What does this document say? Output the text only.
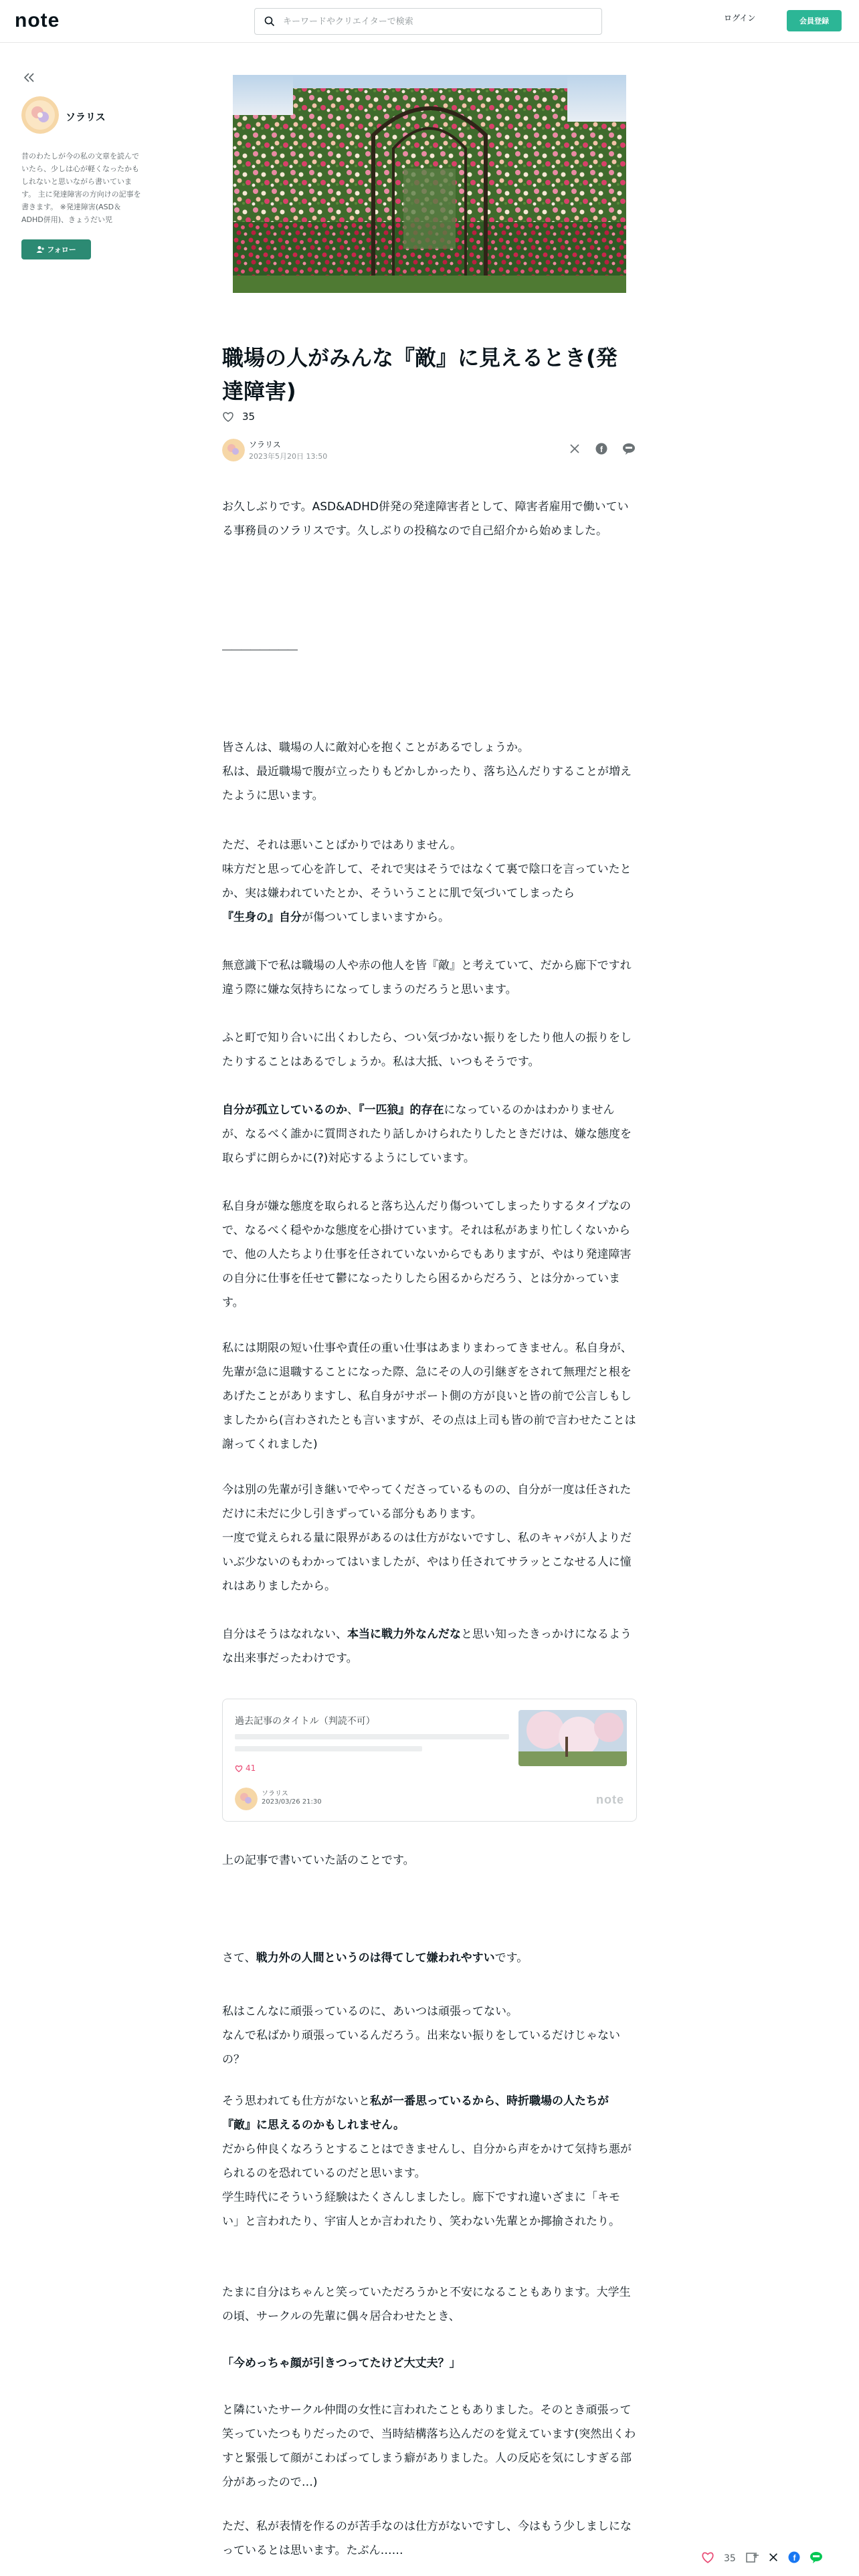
note
キーワードやクリエイターで検索	ログイン	会員登録
ソラリス
昔のわたしが今の私の文章を読んでいたら、少しは心が軽くなったかもしれないと思いながら書いています。 主に発達障害の方向けの記事を書きます。 ※発達障害(ASD＆ADHD併用)、きょうだい児
フォロー
職場の人がみんな『敵』に見えるとき(発達障害)
35
ソラリス
2023年5月20日 13:50
f
お久しぶりです。ASD&ADHD併発の発達障害者として、障害者雇用で働いている事務員のソラリスです。久しぶりの投稿なので自己紹介から始めました。
――――――――
皆さんは、職場の人に敵対心を抱くことがあるでしょうか。
私は、最近職場で腹が立ったりもどかしかったり、落ち込んだりすることが増えたように思います。
ただ、それは悪いことばかりではありません。
味方だと思って心を許して、それで実はそうではなくて裏で陰口を言っていたとか、実は嫌われていたとか、そういうことに肌で気づいてしまったら
『生身の』自分が傷ついてしまいますから。
無意識下で私は職場の人や赤の他人を皆『敵』と考えていて、だから廊下ですれ違う際に嫌な気持ちになってしまうのだろうと思います。
ふと町で知り合いに出くわしたら、つい気づかない振りをしたり他人の振りをしたりすることはあるでしょうか。私は大抵、いつもそうです。
自分が孤立しているのか、『一匹狼』的存在になっているのかはわかりませんが、なるべく誰かに質問されたり話しかけられたりしたときだけは、嫌な態度を取らずに朗らかに(?)対応するようにしています。
私自身が嫌な態度を取られると落ち込んだり傷ついてしまったりするタイプなので、なるべく穏やかな態度を心掛けています。それは私があまり忙しくないからで、他の人たちより仕事を任されていないからでもありますが、やはり発達障害の自分に仕事を任せて鬱になったりしたら困るからだろう、とは分かっています。
私には期限の短い仕事や責任の重い仕事はあまりまわってきません。私自身が、先輩が急に退職することになった際、急にその人の引継ぎをされて無理だと根をあげたことがありますし、私自身がサポート側の方が良いと皆の前で公言しもしましたから(言わされたとも言いますが、その点は上司も皆の前で言わせたことは謝ってくれました)
今は別の先輩が引き継いでやってくださっているものの、自分が一度は任されただけに未だに少し引きずっている部分もあります。
一度で覚えられる量に限界があるのは仕方がないですし、私のキャパが人よりだいぶ少ないのもわかってはいましたが、やはり任されてサラッとこなせる人に憧れはありましたから。
自分はそうはなれない、本当に戦力外なんだなと思い知ったきっかけになるような出来事だったわけです。
過去記事のタイトル（判読不可）
41
ソラリス
2023/03/26 21:30	note
上の記事で書いていた話のことです。
さて、戦力外の人間というのは得てして嫌われやすいです。
私はこんなに頑張っているのに、あいつは頑張ってない。
なんで私ばかり頑張っているんだろう。出来ない振りをしているだけじゃないの？
そう思われても仕方がないと私が一番思っているから、時折職場の人たちが『敵』に思えるのかもしれません。
だから仲良くなろうとすることはできませんし、自分から声をかけて気持ち悪がられるのを恐れているのだと思います。
学生時代にそういう経験はたくさんしましたし。廊下ですれ違いざまに「キモい」と言われたり、宇宙人とか言われたり、笑わない先輩とか揶揄されたり。
たまに自分はちゃんと笑っていただろうかと不安になることもあります。大学生の頃、サークルの先輩に偶々居合わせたとき、
「今めっちゃ顔が引きつってたけど大丈夫？」
と隣にいたサークル仲間の女性に言われたこともありました。そのとき頑張って笑っていたつもりだったので、当時結構落ち込んだのを覚えています(突然出くわすと緊張して顔がこわばってしまう癖がありました。人の反応を気にしすぎる部分があったので…)
ただ、私が表情を作るのが苦手なのは仕方がないですし、今はもう少しましになっているとは思います。たぶん……
35	f
